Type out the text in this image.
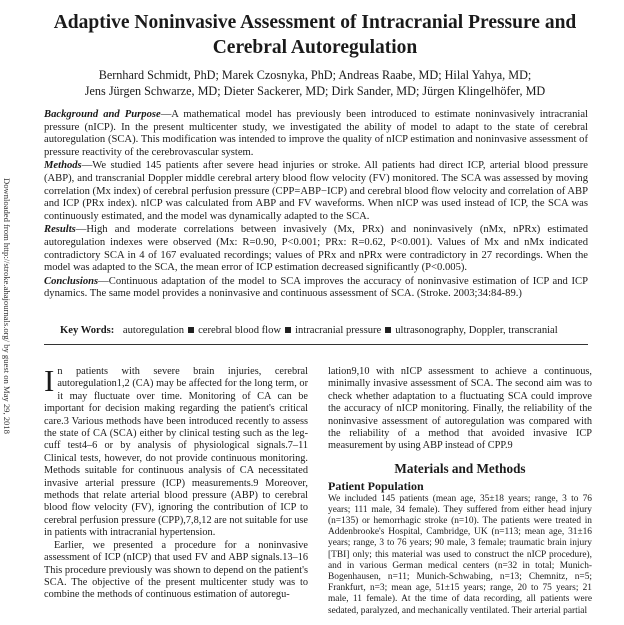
Adaptive Noninvasive Assessment of Intracranial Pressure and Cerebral Autoregulation
Bernhard Schmidt, PhD; Marek Czosnyka, PhD; Andreas Raabe, MD; Hilal Yahya, MD;
Jens Jürgen Schwarze, MD; Dieter Sackerer, MD; Dirk Sander, MD; Jürgen Klingelhöfer, MD

Background and Purpose—A mathematical model has previously been introduced to estimate noninvasively intracranial pressure (nICP). In the present multicenter study, we investigated the ability of model to adapt to the state of cerebral autoregulation (SCA). This modification was intended to improve the quality of nICP estimation and noninvasive assessment of pressure reactivity of the cerebrovascular system.

Methods—We studied 145 patients after severe head injuries or stroke. All patients had direct ICP, arterial blood pressure (ABP), and transcranial Doppler middle cerebral artery blood flow velocity (FV) monitored. The SCA was assessed by moving correlation (Mx index) of cerebral perfusion pressure (CPP=ABP−ICP) and cerebral blood flow velocity and correlation of ABP and ICP (PRx index). nICP was calculated from ABP and FV waveforms. When nICP was used instead of ICP, the SCA was continuously estimated, and the model was dynamically adapted to the SCA.

Results—High and moderate correlations between invasively (Mx, PRx) and noninvasively (nMx, nPRx) estimated autoregulation indexes were observed (Mx: R=0.90, P<0.001; PRx: R=0.62, P<0.001). Values of Mx and nMx indicated contradictory SCA in 4 of 167 evaluated recordings; values of PRx and nPRx were contradictory in 27 recordings. When the model was adapted to the SCA, the mean error of ICP estimation decreased significantly (P<0.005).

Conclusions—Continuous adaptation of the model to SCA improves the accuracy of noninvasive estimation of ICP and ICP dynamics. The same model provides a noninvasive and continuous assessment of SCA. (Stroke. 2003;34:84-89.)

Key Words: autoregulation cerebral blood flow intracranial pressure ultrasonography, Doppler, transcranial
Downloaded from http://stroke.ahajournals.org/ by guest on May 29, 2018 In patients with severe brain injuries, cerebral autoregulation1,2 (CA) may be affected for the long term, or it may fluctuate over time. Monitoring of CA can be important for decision making regarding the patient's critical care.3 Various methods have been introduced recently to assess the state of CA (SCA) either by clinical testing such as the leg-cuff test4–6 or by analysis of physiological signals.7–11 Clinical tests, however, do not provide continuous monitoring. Methods suitable for continuous analysis of CA necessitated invasive arterial pressure (ICP) measurements.9 Moreover, methods that relate arterial blood pressure (ABP) to cerebral blood flow velocity (FV), ignoring the contribution of ICP to cerebral perfusion pressure (CPP),7,8,12 are not suitable for use in patients with intracranial hypertension.

Earlier, we presented a procedure for a noninvasive assessment of ICP (nICP) that used FV and ABP signals.13–16 This procedure previously was shown to depend on the patient's SCA. The objective of the present multicenter study was to combine the methods of continuous estimation of autoregu-

lation9,10 with nICP assessment to achieve a continuous, minimally invasive assessment of SCA. The second aim was to check whether adaptation to a fluctuating SCA could improve the accuracy of nICP monitoring. Finally, the reliability of the noninvasive assessment of autoregulation was compared with the reliability of a method that avoided invasive ICP measurement by using ABP instead of CPP.9

Materials and Methods
Patient Population

We included 145 patients (mean age, 35±18 years; range, 3 to 76 years; 111 male, 34 female). They suffered from either head injury (n=135) or hemorrhagic stroke (n=10). The patients were treated in Addenbrooke's Hospital, Cambridge, UK (n=113; mean age, 31±16 years; range, 3 to 76 years; 90 male, 3 female; traumatic brain injury [TBI] only; this material was used to construct the nICP procedure), and in various German medical centers (n=32 in total; Munich-Bogenhausen, n=11; Munich-Schwabing, n=13; Chemnitz, n=5; Frankfurt, n=3; mean age, 51±15 years; range, 20 to 75 years; 21 male, 11 female). At the time of data recording, all patients were sedated, paralyzed, and mechanically ventilated. Their arterial partial
